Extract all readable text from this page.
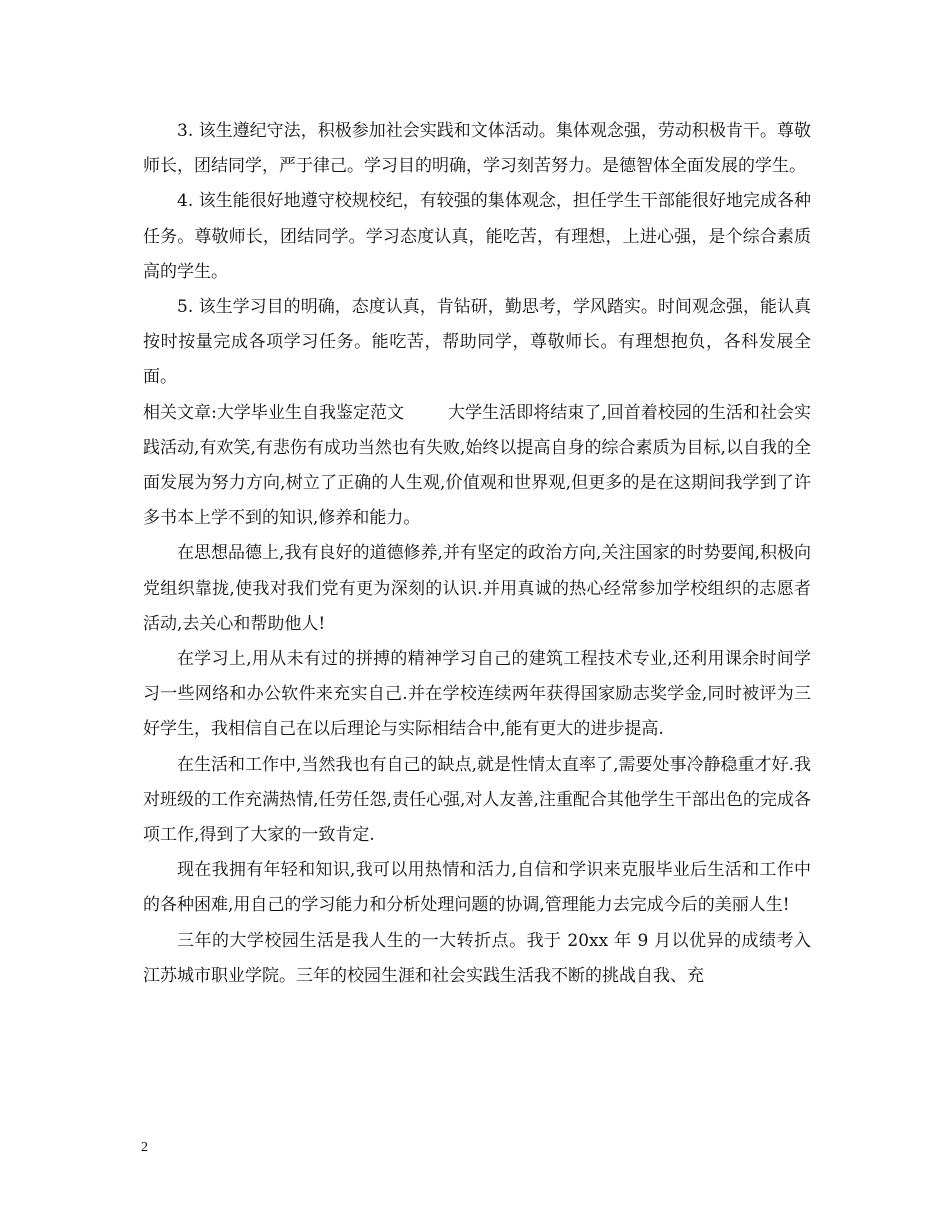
3. 该生遵纪守法，积极参加社会实践和文体活动。集体观念强，劳动积极肯干。尊敬师长，团结同学，严于律己。学习目的明确，学习刻苦努力。是德智体全面发展的学生。

4. 该生能很好地遵守校规校纪，有较强的集体观念，担任学生干部能很好地完成各种任务。尊敬师长，团结同学。学习态度认真，能吃苦，有理想，上进心强，是个综合素质高的学生。

5. 该生学习目的明确，态度认真，肯钻研，勤思考，学风踏实。时间观念强，能认真按时按量完成各项学习任务。能吃苦，帮助同学，尊敬师长。有理想抱负，各科发展全面。

相关文章:大学毕业生自我鉴定范文	大学生活即将结束了,回首着校园的生活和社会实践活动,有欢笑,有悲伤有成功当然也有失败,始终以提高自身的综合素质为目标,以自我的全面发展为努力方向,树立了正确的人生观,价值观和世界观,但更多的是在这期间我学到了许多书本上学不到的知识,修养和能力。

在思想品德上,我有良好的道德修养,并有坚定的政治方向,关注国家的时势要闻,积极向党组织靠拢,使我对我们党有更为深刻的认识.并用真诚的热心经常参加学校组织的志愿者活动,去关心和帮助他人!

在学习上,用从未有过的拼搏的精神学习自己的建筑工程技术专业,还利用课余时间学习一些网络和办公软件来充实自己.并在学校连续两年获得国家励志奖学金,同时被评为三好学生，我相信自己在以后理论与实际相结合中,能有更大的进步提高.

在生活和工作中,当然我也有自己的缺点,就是性情太直率了,需要处事冷静稳重才好.我对班级的工作充满热情,任劳任怨,责任心强,对人友善,注重配合其他学生干部出色的完成各项工作,得到了大家的一致肯定.

现在我拥有年轻和知识,我可以用热情和活力,自信和学识来克服毕业后生活和工作中的各种困难,用自己的学习能力和分析处理问题的协调,管理能力去完成今后的美丽人生!

三年的大学校园生活是我人生的一大转折点。我于 20xx 年 9 月以优异的成绩考入江苏城市职业学院。三年的校园生涯和社会实践生活我不断的挑战自我、充

2
